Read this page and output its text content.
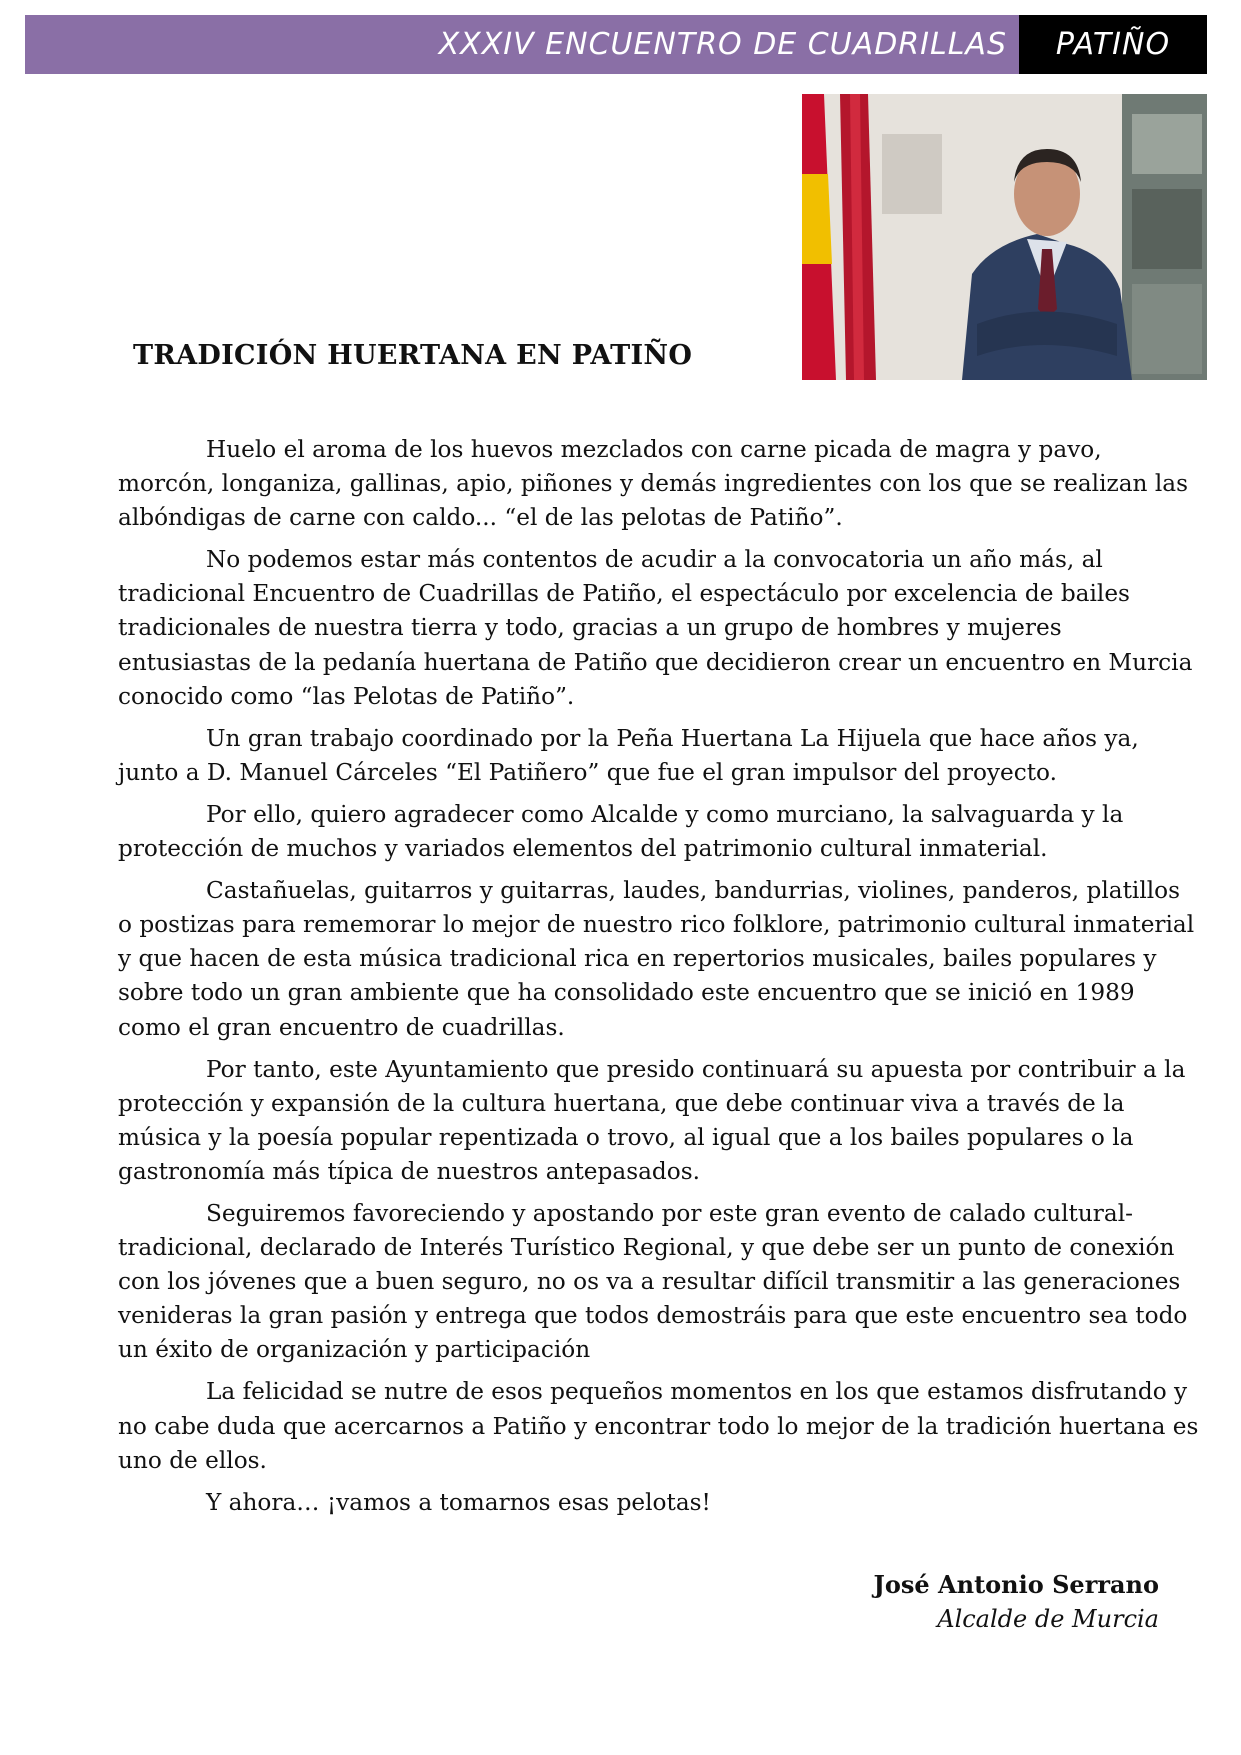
XXXIV ENCUENTRO DE CUADRILLAS	PATIÑO
TRADICIÓN HUERTANA EN PATIÑO

Huelo el aroma de los huevos mezclados con carne picada de magra y pavo, morcón, longaniza, gallinas, apio, piñones y demás ingredientes con los que se realizan las albóndigas de carne con caldo... “el de las pelotas de Patiño”.

No podemos estar más contentos de acudir a la convocatoria un año más, al tradicional Encuentro de Cuadrillas de Patiño, el espectáculo por excelencia de bailes tradicionales de nuestra tierra y todo, gracias a un grupo de hombres y mujeres entusiastas de la pedanía huertana de Patiño que decidieron crear un encuentro en Murcia conocido como “las Pelotas de Patiño”.

Un gran trabajo coordinado por la Peña Huertana La Hijuela que hace años ya, junto a D. Manuel Cárceles “El Patiñero” que fue el gran impulsor del proyecto.

Por ello, quiero agradecer como Alcalde y como murciano, la salvaguarda y la protección de muchos y variados elementos del patrimonio cultural inmaterial.

Castañuelas, guitarros y guitarras, laudes, bandurrias, violines, panderos, platillos o postizas para rememorar lo mejor de nuestro rico folklore, patrimonio cultural inmaterial y que hacen de esta música tradicional rica en repertorios musicales, bailes populares y sobre todo un gran ambiente que ha consolidado este encuentro que se inició en 1989 como el gran encuentro de cuadrillas.

Por tanto, este Ayuntamiento que presido continuará su apuesta por contribuir a la protección y expansión de la cultura huertana, que debe continuar viva a través de la música y la poesía popular repentizada o trovo, al igual que a los bailes populares o la gastronomía más típica de nuestros antepasados.

Seguiremos favoreciendo y apostando por este gran evento de calado cultural-tradicional, declarado de Interés Turístico Regional, y que debe ser un punto de conexión con los jóvenes que a buen seguro, no os va a resultar difícil transmitir a las generaciones venideras la gran pasión y entrega que todos demostráis para que este encuentro sea todo un éxito de organización y participación

La felicidad se nutre de esos pequeños momentos en los que estamos disfrutando y no cabe duda que acercarnos a Patiño y encontrar todo lo mejor de la tradición huertana es uno de ellos.

Y ahora… ¡vamos a tomarnos esas pelotas!

José Antonio Serrano
Alcalde de Murcia
